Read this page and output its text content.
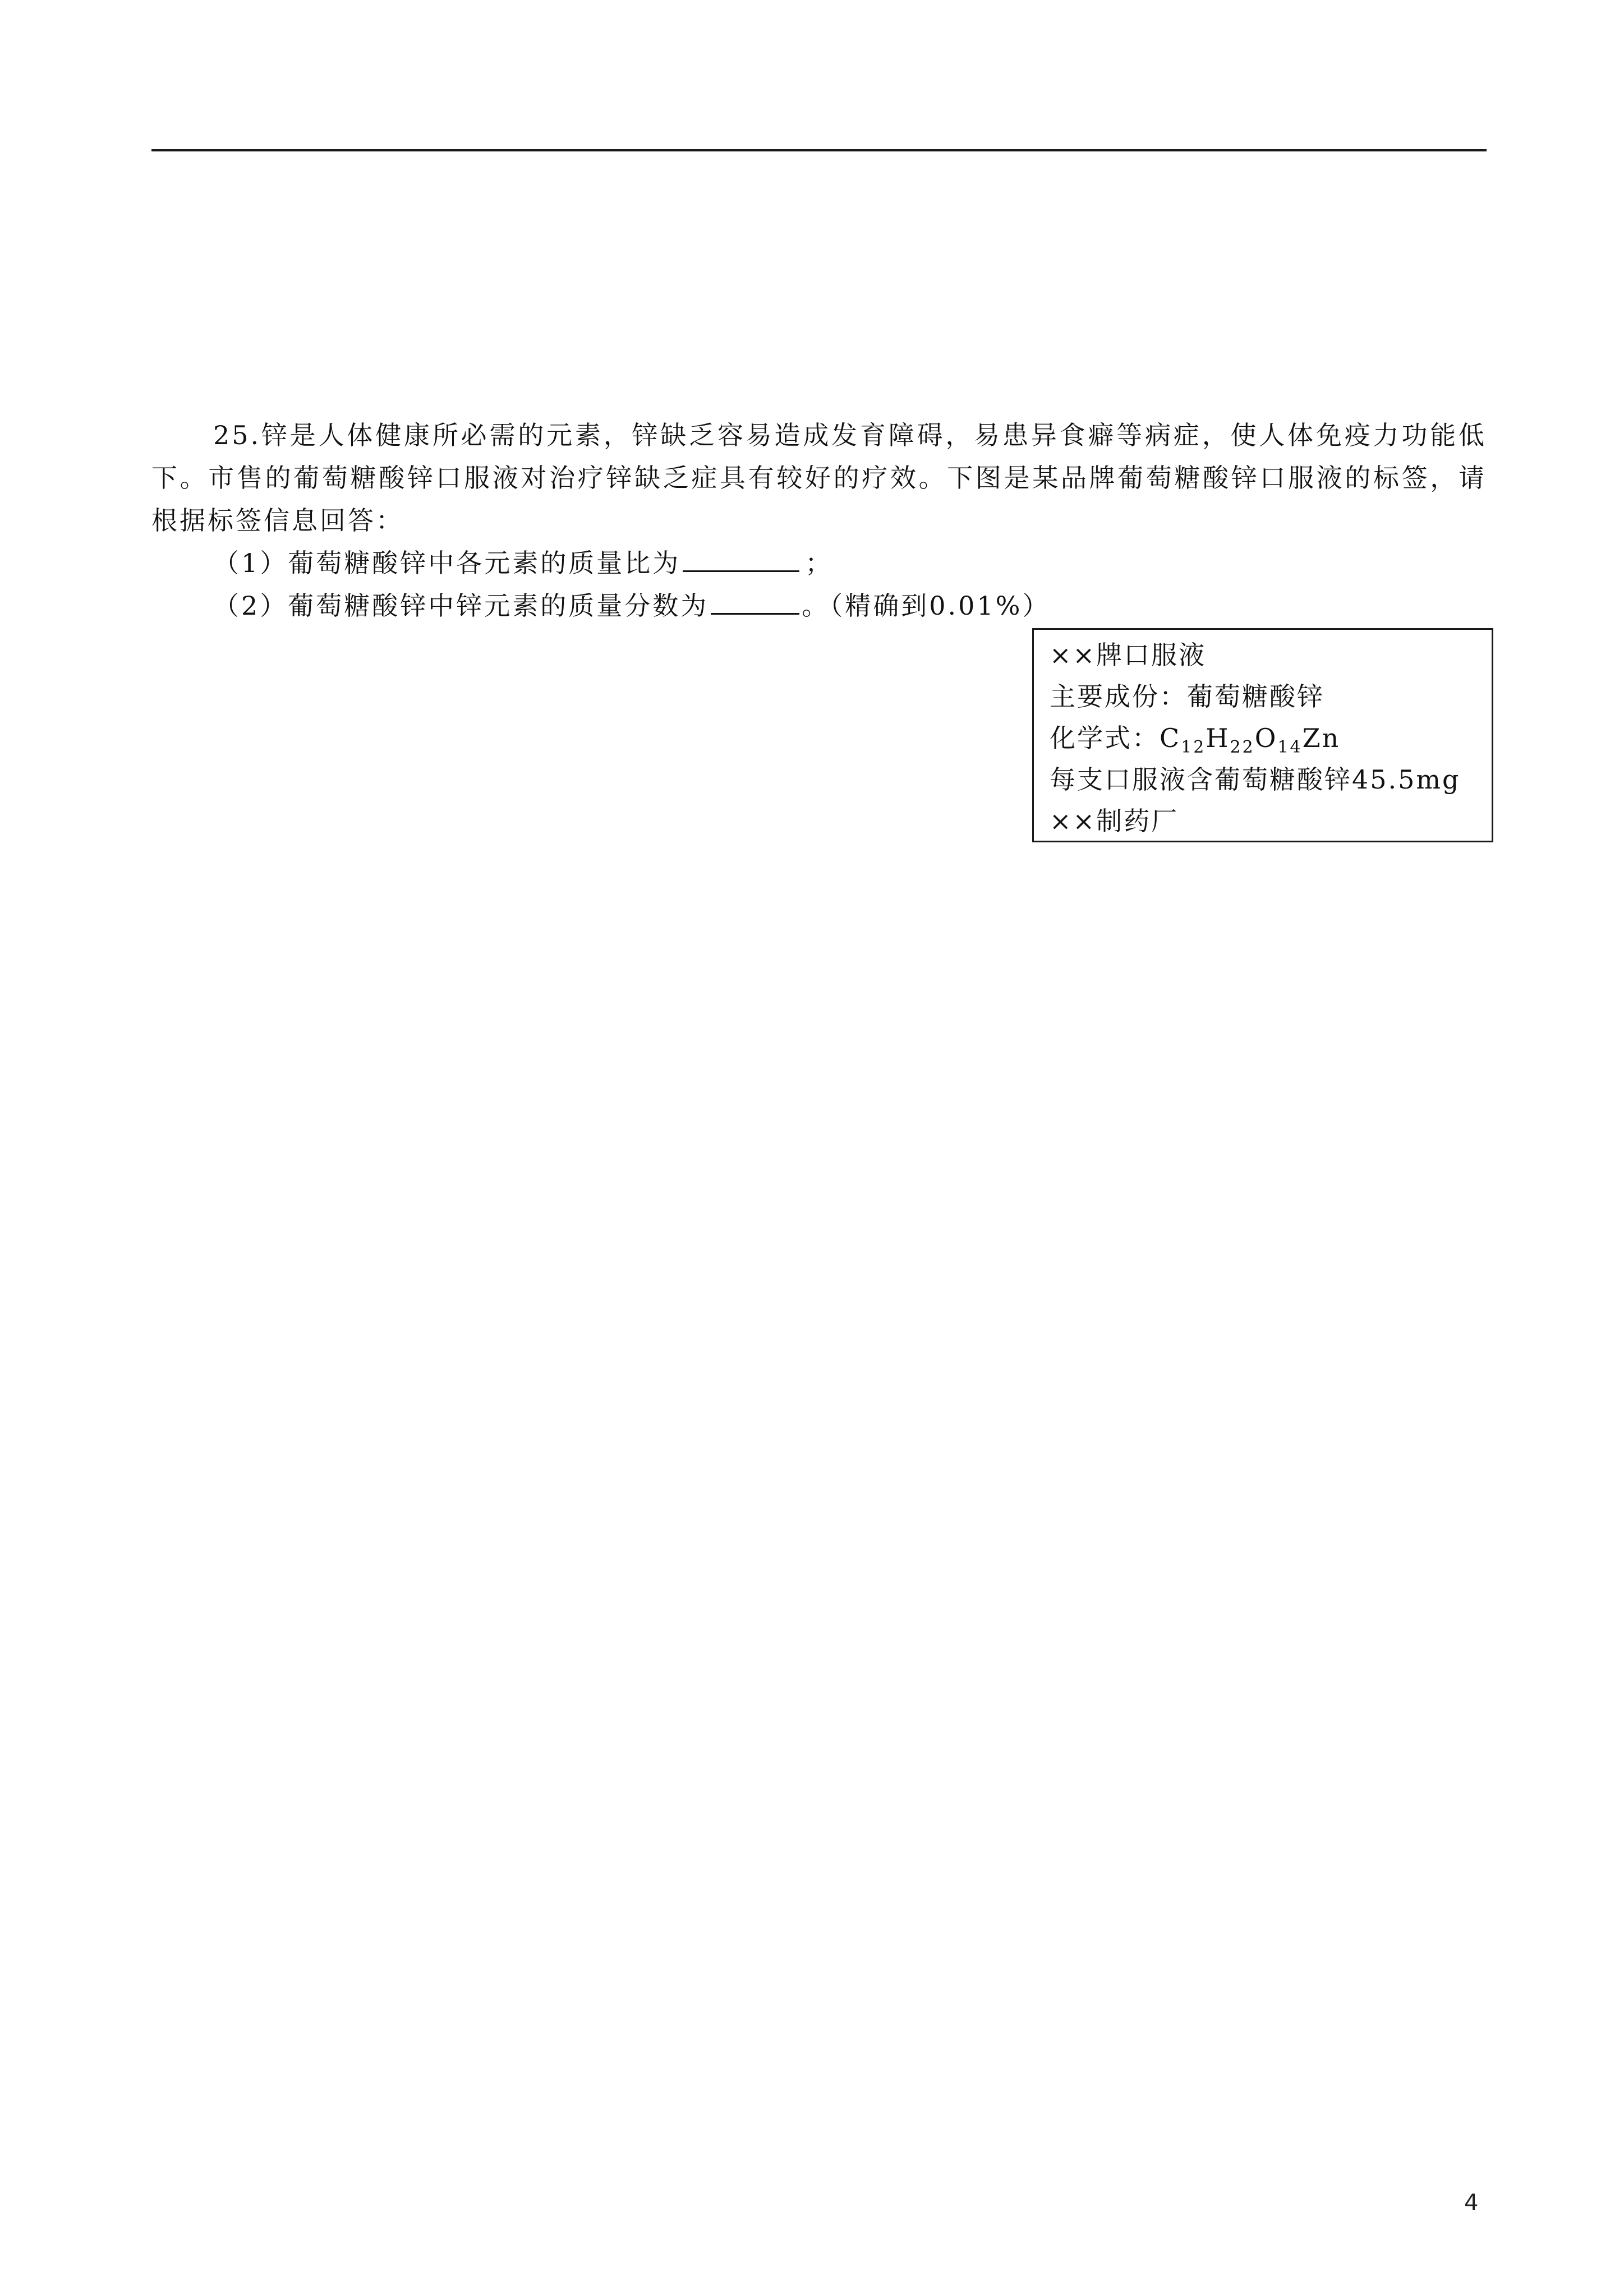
25.锌是人体健康所必需的元素，锌缺乏容易造成发育障碍，易患异食癖等病症，使人体免疫力功能低下。市售的葡萄糖酸锌口服液对治疗锌缺乏症具有较好的疗效。下图是某品牌葡萄糖酸锌口服液的标签，请根据标签信息回答：

（1）葡萄糖酸锌中各元素的质量比为	；

（2）葡萄糖酸锌中锌元素的质量分数为	。（精确到0.01%）

××牌口服液
主要成份：葡萄糖酸锌
化学式：$C_{12}H_{22}O_{14}Zn$
每支口服液含葡萄糖酸锌45.5mg
××制药厂
4
